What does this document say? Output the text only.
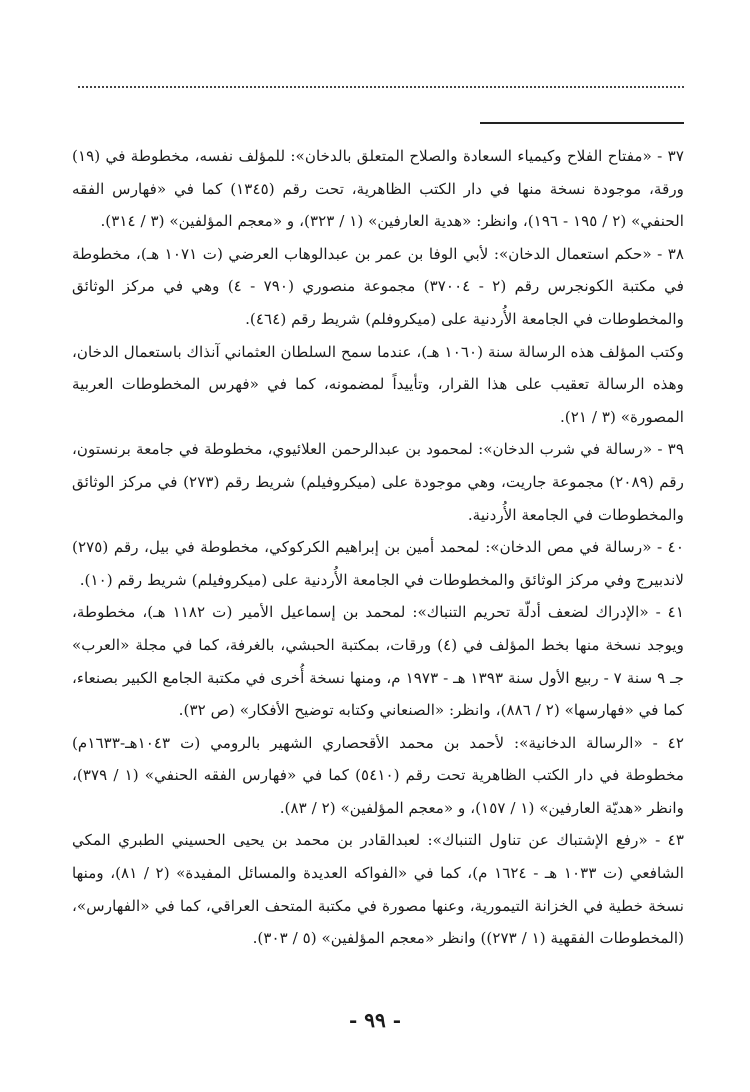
٣٧ - «مفتاح الفلاح وكيمياء السعادة والصلاح المتعلق بالدخان»: للمؤلف نفسه، مخطوطة في (١٩) ورقة، موجودة نسخة منها في دار الكتب الظاهرية، تحت رقم (١٣٤٥) كما في «فهارس الفقه الحنفي» (٢ / ١٩٥ - ١٩٦)، وانظر: «هدية العارفين» (١ / ٣٢٣)، و «معجم المؤلفين» (٣ / ٣١٤).

٣٨ - «حكم استعمال الدخان»: لأبي الوفا بن عمر بن عبدالوهاب العرضي (ت ١٠٧١ هـ)، مخطوطة في مكتبة الكونجرس رقم (٢ - ٣٧٠٠٤) مجموعة منصوري (٧٩٠ - ٤) وهي في مركز الوثائق والمخطوطات في الجامعة الأُردنية على (ميكروفلم) شريط رقم (٤٦٤).

وكتب المؤلف هذه الرسالة سنة (١٠٦٠ هـ)، عندما سمح السلطان العثماني آنذاك باستعمال الدخان، وهذه الرسالة تعقيب على هذا القرار، وتأييداً لمضمونه، كما في «فهرس المخطوطات العربية المصورة» (٣ / ٢١).

٣٩ - «رسالة في شرب الدخان»: لمحمود بن عبدالرحمن العلائيوي، مخطوطة في جامعة برنستون، رقم (٢٠٨٩) مجموعة جاريت، وهي موجودة على (ميكروفيلم) شريط رقم (٢٧٣) في مركز الوثائق والمخطوطات في الجامعة الأُردنية.

٤٠ - «رسالة في مص الدخان»: لمحمد أمين بن إبراهيم الكركوكي، مخطوطة في بيل، رقم (٢٧٥) لاندبيرج وفي مركز الوثائق والمخطوطات في الجامعة الأُردنية على (ميكروفيلم) شريط رقم (١٠).

٤١ - «الإدراك لضعف أدلّة تحريم التنباك»: لمحمد بن إسماعيل الأمير (ت ١١٨٢ هـ)، مخطوطة، ويوجد نسخة منها بخط المؤلف في (٤) ورقات، بمكتبة الحبشي، بالغرفة، كما في مجلة «العرب» جـ ٩ سنة ٧ - ربيع الأول سنة ١٣٩٣ هـ - ١٩٧٣ م، ومنها نسخة أُخرى في مكتبة الجامع الكبير بصنعاء، كما في «فهارسها» (٢ / ٨٨٦)، وانظر: «الصنعاني وكتابه توضيح الأفكار» (ص ٣٢).

٤٢ - «الرسالة الدخانية»: لأحمد بن محمد الأقحصاري الشهير بالرومي (ت ١٠٤٣هـ-١٦٣٣م) مخطوطة في دار الكتب الظاهرية تحت رقم (٥٤١٠) كما في «فهارس الفقه الحنفي» (١ / ٣٧٩)، وانظر «هديّة العارفين» (١ / ١٥٧)، و «معجم المؤلفين» (٢ / ٨٣).

٤٣ - «رفع الإشتباك عن تناول التنباك»: لعبدالقادر بن محمد بن يحيى الحسيني الطبري المكي الشافعي (ت ١٠٣٣ هـ - ١٦٢٤ م)، كما في «الفواكه العديدة والمسائل المفيدة» (٢ / ٨١)، ومنها نسخة خطية في الخزانة التيمورية، وعنها مصورة في مكتبة المتحف العراقي، كما في «الفهارس»، (المخطوطات الفقهية (١ / ٢٧٣)) وانظر «معجم المؤلفين» (٥ / ٣٠٣).

- ٩٩ -
